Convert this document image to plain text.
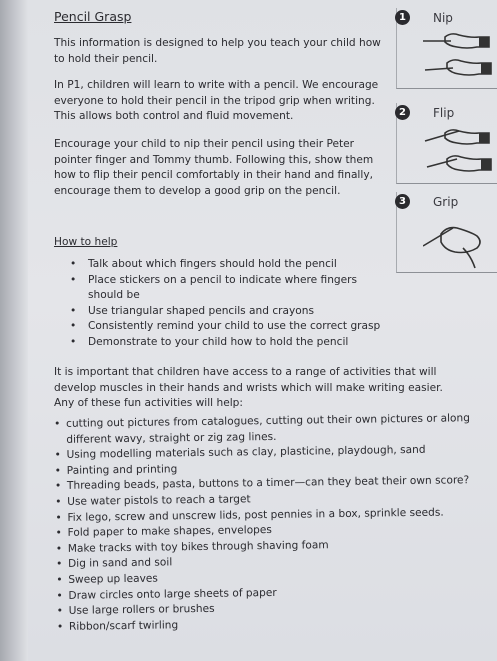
Pencil Grasp

This information is designed to help you teach your child how to hold their pencil.

In P1, children will learn to write with a pencil. We encourage everyone to hold their pencil in the tripod grip when writing. This allows both control and fluid movement.

Encourage your child to nip their pencil using their Peter pointer finger and Tommy thumb. Following this, show them how to flip their pencil comfortably in their hand and finally, encourage them to develop a good grip on the pencil.

How to help
• Talk about which fingers should hold the pencil
• Place stickers on a pencil to indicate where fingers should be
• Use triangular shaped pencils and crayons
• Consistently remind your child to use the correct grasp
• Demonstrate to your child how to hold the pencil

It is important that children have access to a range of activities that will develop muscles in their hands and wrists which will make writing easier. Any of these fun activities will help:

• cutting out pictures from catalogues, cutting out their own pictures or along different wavy, straight or zig zag lines.
• Using modelling materials such as clay, plasticine, playdough, sand
• Painting and printing
• Threading beads, pasta, buttons to a timer—can they beat their own score?
• Use water pistols to reach a target
• Fix lego, screw and unscrew lids, post pennies in a box, sprinkle seeds.
• Fold paper to make shapes, envelopes
• Make tracks with toy bikes through shaving foam
• Dig in sand and soil
• Sweep up leaves
• Draw circles onto large sheets of paper
• Use large rollers or brushes
• Ribbon/scarf twirling
1	Nip
2	Flip
3	Grip
